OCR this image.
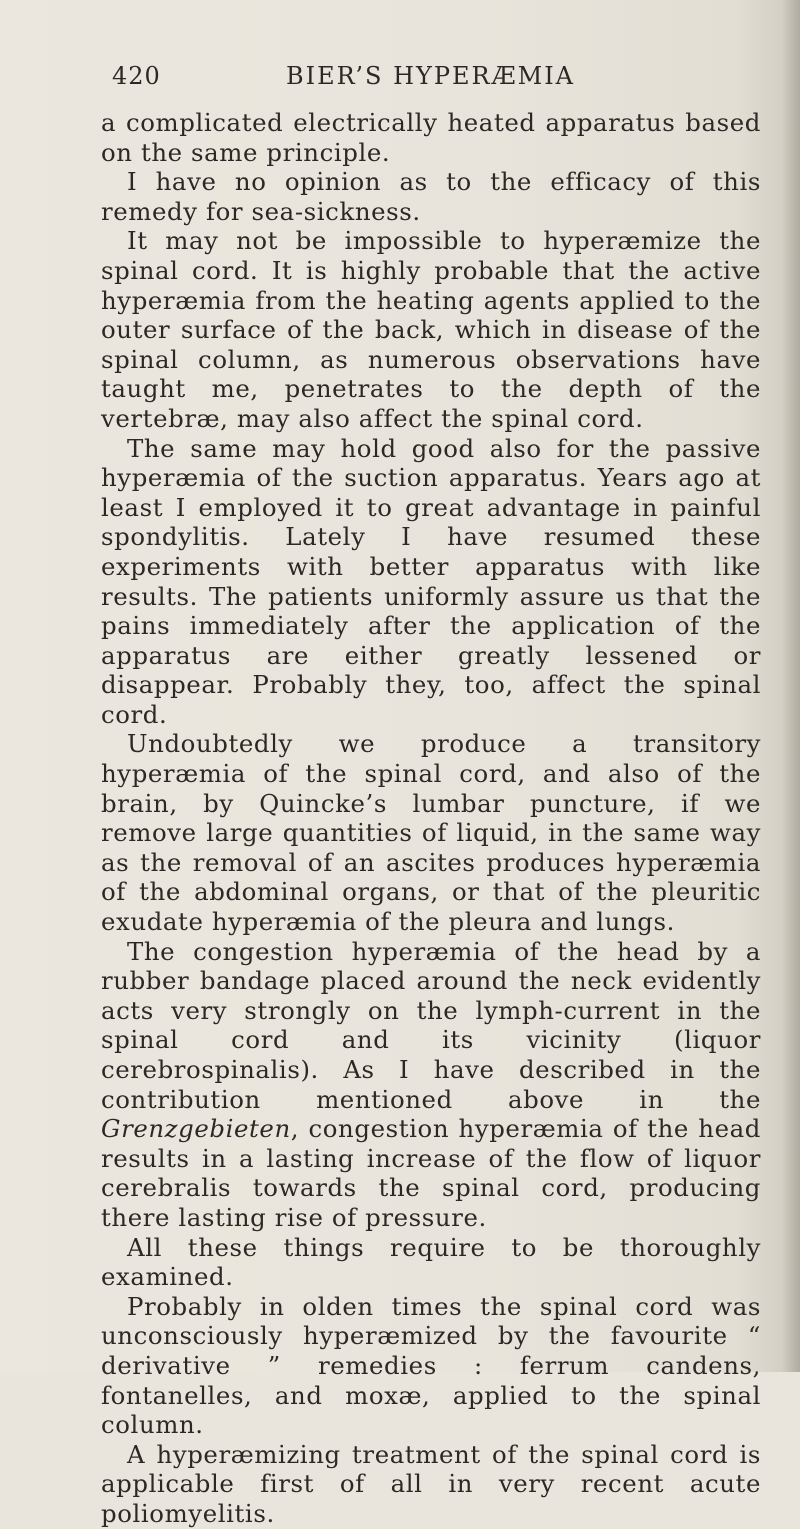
420	BIER’S HYPERÆMIA

a complicated electrically heated apparatus based on the same principle.

I have no opinion as to the efficacy of this remedy for sea-sickness.

It may not be impossible to hyperæmize the spinal cord. It is highly probable that the active hyperæmia from the heating agents applied to the outer surface of the back, which in disease of the spinal column, as numerous observations have taught me, penetrates to the depth of the vertebræ, may also affect the spinal cord.

The same may hold good also for the passive hyperæmia of the suction apparatus. Years ago at least I employed it to great advantage in painful spondylitis. Lately I have resumed these experiments with better apparatus with like results. The patients uniformly assure us that the pains immediately after the application of the apparatus are either greatly lessened or disappear. Probably they, too, affect the spinal cord.

Undoubtedly we produce a transitory hyperæmia of the spinal cord, and also of the brain, by Quincke’s lumbar puncture, if we remove large quantities of liquid, in the same way as the removal of an ascites produces hyperæmia of the abdominal organs, or that of the pleuritic exudate hyperæmia of the pleura and lungs.

The congestion hyperæmia of the head by a rubber bandage placed around the neck evidently acts very strongly on the lymph-current in the spinal cord and its vicinity (liquor cerebrospinalis). As I have described in the contribution mentioned above in the Grenzgebieten, congestion hyperæmia of the head results in a lasting increase of the flow of liquor cerebralis towards the spinal cord, producing there lasting rise of pressure.

All these things require to be thoroughly examined.

Probably in olden times the spinal cord was unconsciously hyperæmized by the favourite “ derivative ” remedies : ferrum candens, fontanelles, and moxæ, applied to the spinal column.

A hyperæmizing treatment of the spinal cord is applicable first of all in very recent acute poliomyelitis.
